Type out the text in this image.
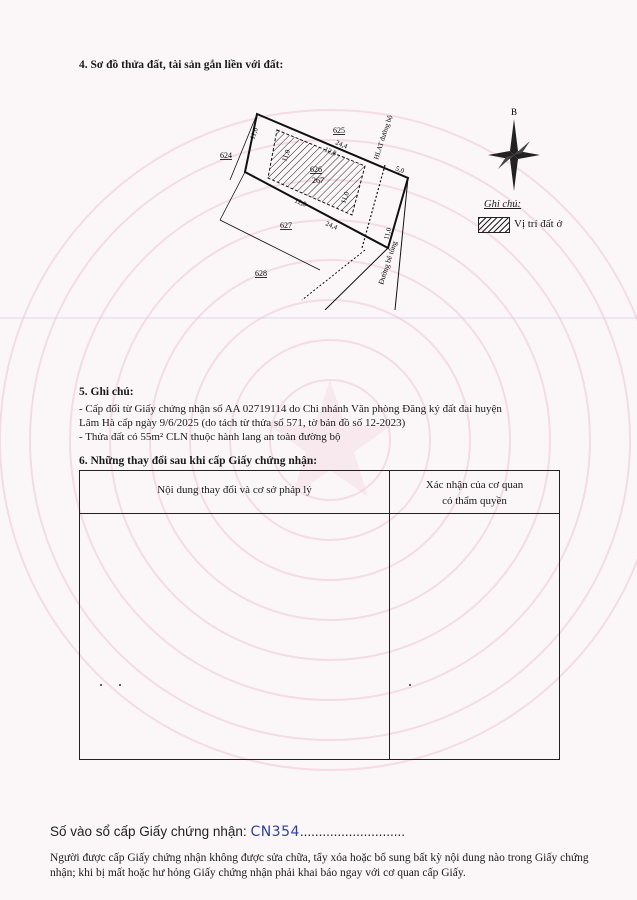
4. Sơ đồ thửa đất, tài sản gắn liền với đất:
624
625
626
267
627
628
11,0
11,0
11,0
11,0
24,4
12,8
12,8
24,4
5,0
HLAT đường bộ
Đường bê tông
B
T	Đ
N
Ghi chú:
Vị trí đất ở
5. Ghi chú:
- Cấp đổi từ Giấy chứng nhận số AA 02719114 do Chi nhánh Văn phòng Đăng ký đất đai huyện
Lâm Hà cấp ngày 9/6/2025 (do tách từ thửa số 571, tờ bản đồ số 12-2023)
- Thửa đất có 55m² CLN thuộc hành lang an toàn đường bộ
6. Những thay đổi sau khi cấp Giấy chứng nhận:
Nội dung thay đổi và cơ sở pháp lý	Xác nhận của cơ quan
có thẩm quyền
Số vào sổ cấp Giấy chứng nhận: CN354............................
Người được cấp Giấy chứng nhận không được sửa chữa, tẩy xóa hoặc bổ sung bất kỳ nội dung nào trong Giấy chứng nhận; khi bị mất hoặc hư hỏng Giấy chứng nhận phải khai báo ngay với cơ quan cấp Giấy.
